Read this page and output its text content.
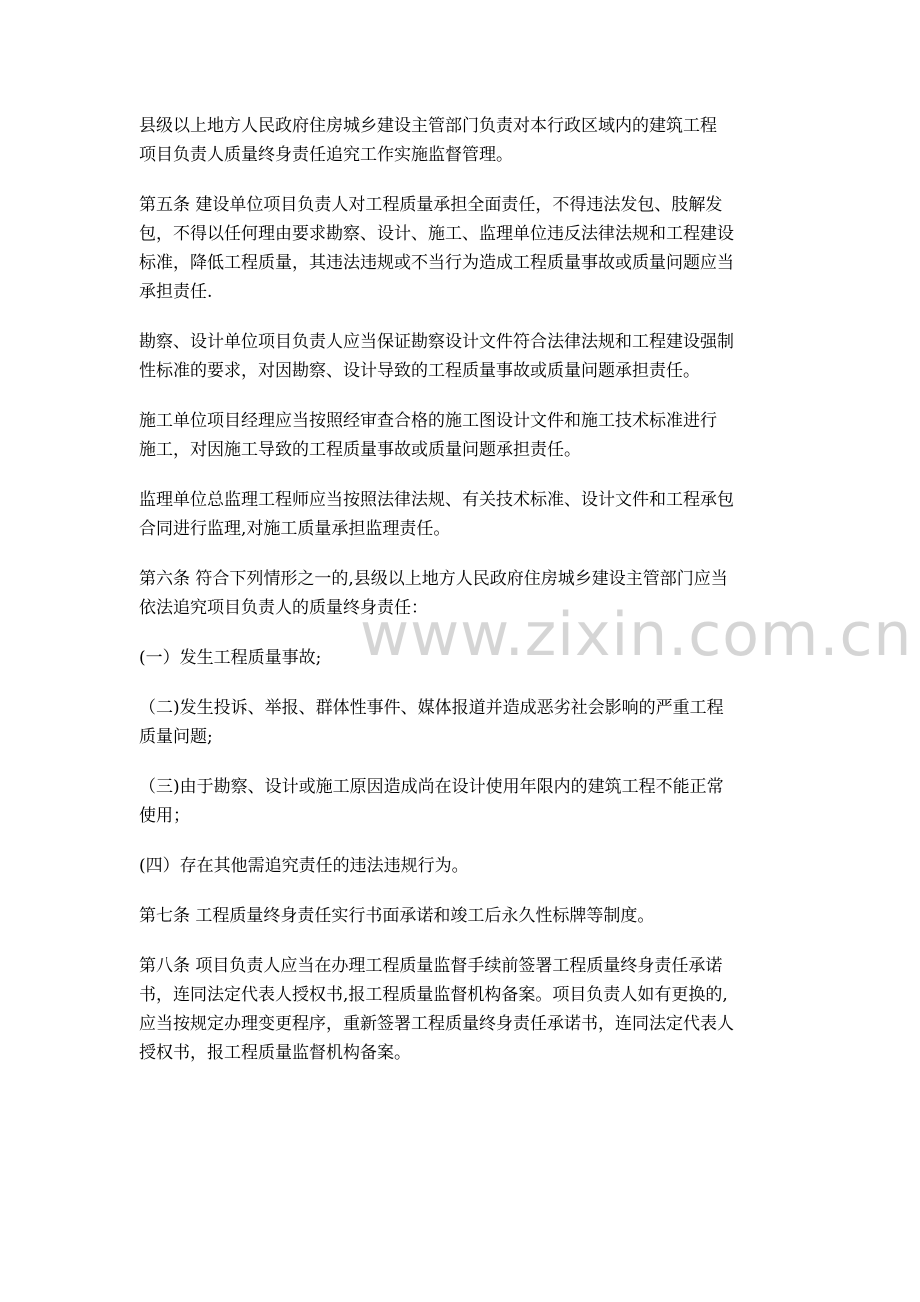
县级以上地方人民政府住房城乡建设主管部门负责对本行政区域内的建筑工程
项目负责人质量终身责任追究工作实施监督管理。

第五条 建设单位项目负责人对工程质量承担全面责任，不得违法发包、肢解发
包，不得以任何理由要求勘察、设计、施工、监理单位违反法律法规和工程建设
标准，降低工程质量，其违法违规或不当行为造成工程质量事故或质量问题应当
承担责任.

勘察、设计单位项目负责人应当保证勘察设计文件符合法律法规和工程建设强制
性标准的要求，对因勘察、设计导致的工程质量事故或质量问题承担责任。

施工单位项目经理应当按照经审查合格的施工图设计文件和施工技术标准进行
施工，对因施工导致的工程质量事故或质量问题承担责任。

监理单位总监理工程师应当按照法律法规、有关技术标准、设计文件和工程承包
合同进行监理,对施工质量承担监理责任。

第六条 符合下列情形之一的,县级以上地方人民政府住房城乡建设主管部门应当
依法追究项目负责人的质量终身责任：

(一）发生工程质量事故;

（二)发生投诉、举报、群体性事件、媒体报道并造成恶劣社会影响的严重工程
质量问题;

（三)由于勘察、设计或施工原因造成尚在设计使用年限内的建筑工程不能正常
使用；

(四）存在其他需追究责任的违法违规行为。

第七条 工程质量终身责任实行书面承诺和竣工后永久性标牌等制度。

第八条 项目负责人应当在办理工程质量监督手续前签署工程质量终身责任承诺
书，连同法定代表人授权书,报工程质量监督机构备案。项目负责人如有更换的,
应当按规定办理变更程序，重新签署工程质量终身责任承诺书，连同法定代表人
授权书，报工程质量监督机构备案。

www.zixin.com.cn
